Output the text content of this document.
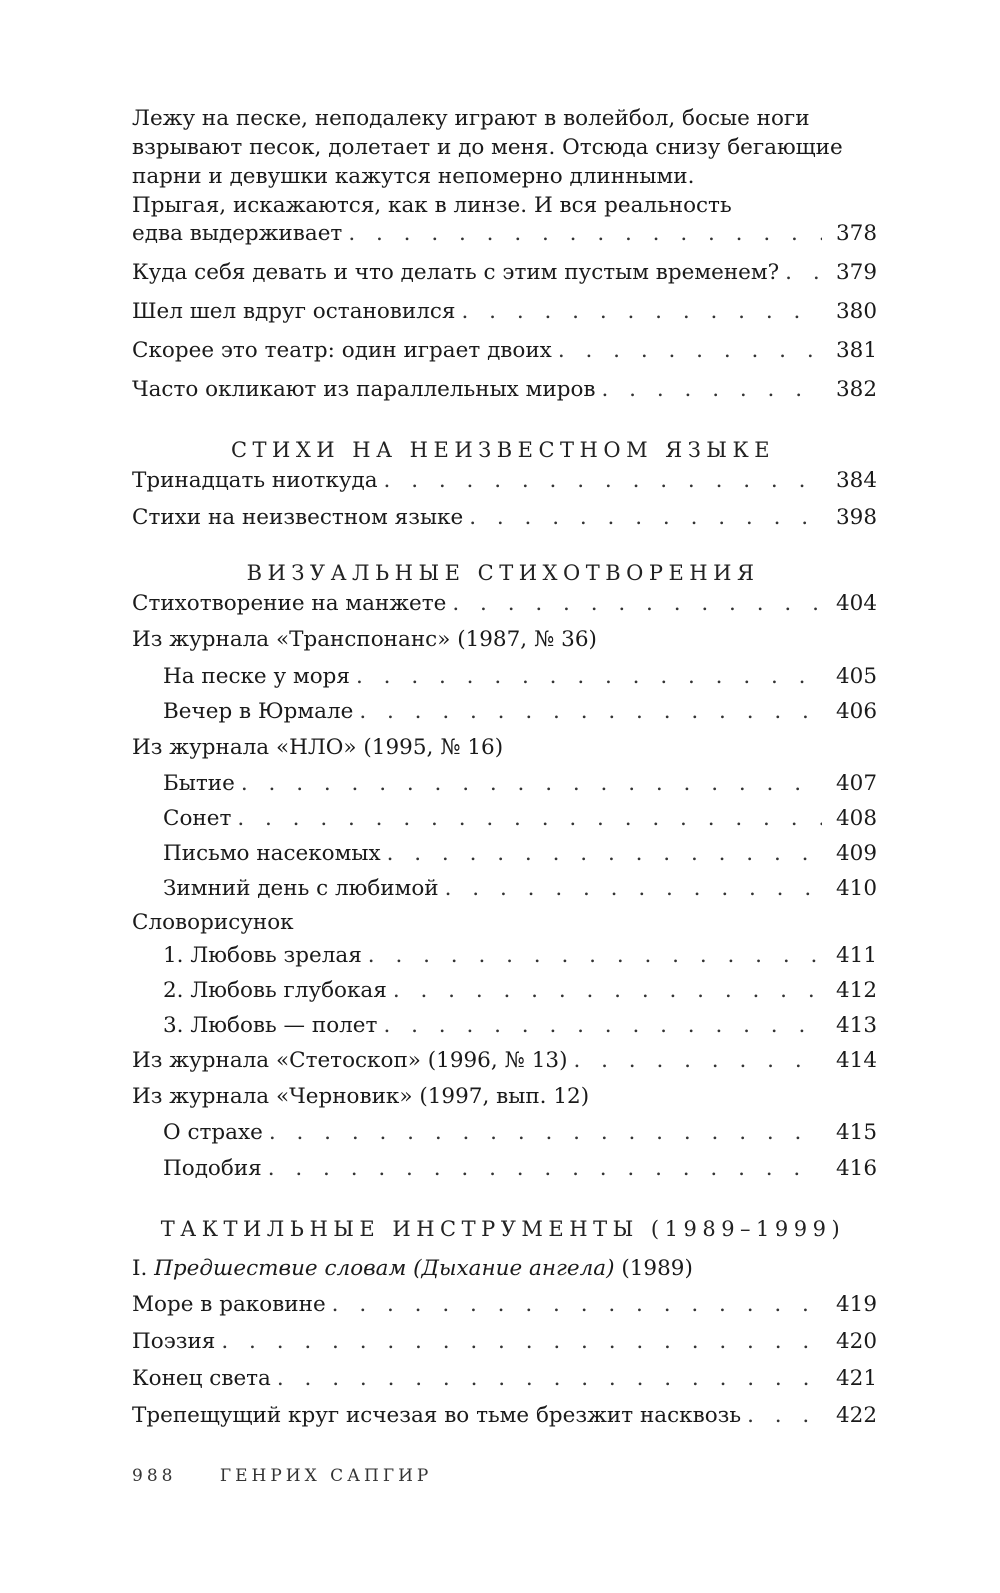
Лежу на песке, неподалеку играют в волейбол, босые ноги
взрывают песок, долетает и до меня. Отсюда снизу бегающие
парни и девушки кажутся непомерно длинными.
Прыгая, искажаются, как в линзе. И вся реальность
едва выдерживает . . .	378
Куда себя девать и что делать с этим пустым временем? . . .	379
Шел шел вдруг остановился . . .	380
Скорее это театр: один играет двоих . . .	381
Часто окликают из параллельных миров . . .	382
СТИХИ НА НЕИЗВЕСТНОМ ЯЗЫКЕ
Тринадцать ниоткуда . . .	384
Стихи на неизвестном языке . . .	398
ВИЗУАЛЬНЫЕ СТИХОТВОРЕНИЯ
Стихотворение на манжете . . .	404
Из журнала «Транспонанс» (1987, № 36)
На песке у моря . . .	405
Вечер в Юрмале . . .	406
Из журнала «НЛО» (1995, № 16)
Бытие . . .	407
Сонет . . .	408
Письмо насекомых . . .	409
Зимний день с любимой . . .	410
Словорисунок
1. Любовь зрелая . . .	411
2. Любовь глубокая . . .	412
3. Любовь — полет . . .	413
Из журнала «Стетоскоп» (1996, № 13) . . .	414
Из журнала «Черновик» (1997, вып. 12)
О страхе . . .	415
Подобия . . .	416
ТАКТИЛЬНЫЕ ИНСТРУМЕНТЫ (1989–1999)
I. Предшествие словам (Дыхание ангела) (1989)
Море в раковине . . .	419
Поэзия . . .	420
Конец света . . .	421
Трепещущий круг исчезая во тьме брезжит насквозь . . .	422
988	ГЕНРИХ САПГИР
